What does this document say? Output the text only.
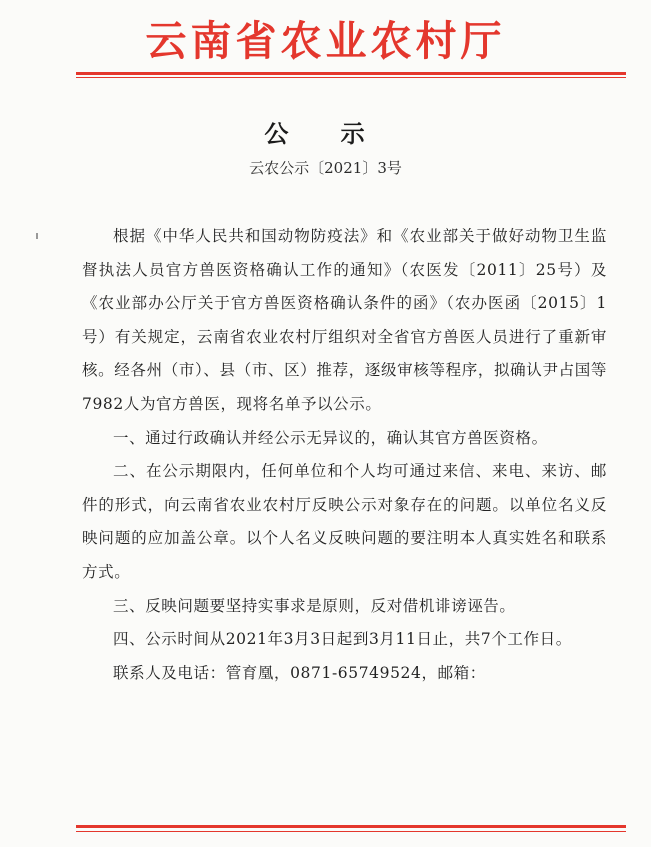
云南省农业农村厅
公 示
云农公示〔2021〕3号

根据《中华人民共和国动物防疫法》和《农业部关于做好动物卫生监督执法人员官方兽医资格确认工作的通知》（农医发〔2011〕25号）及《农业部办公厅关于官方兽医资格确认条件的函》（农办医函〔2015〕1号）有关规定，云南省农业农村厅组织对全省官方兽医人员进行了重新审核。经各州（市）、县（市、区）推荐，逐级审核等程序，拟确认尹占国等7982人为官方兽医，现将名单予以公示。

一、通过行政确认并经公示无异议的，确认其官方兽医资格。

二、在公示期限内，任何单位和个人均可通过来信、来电、来访、邮件的形式，向云南省农业农村厅反映公示对象存在的问题。以单位名义反映问题的应加盖公章。以个人名义反映问题的要注明本人真实姓名和联系方式。

三、反映问题要坚持实事求是原则，反对借机诽谤诬告。

四、公示时间从2021年3月3日起到3月11日止，共7个工作日。

联系人及电话：管育凰，0871-65749524，邮箱：
